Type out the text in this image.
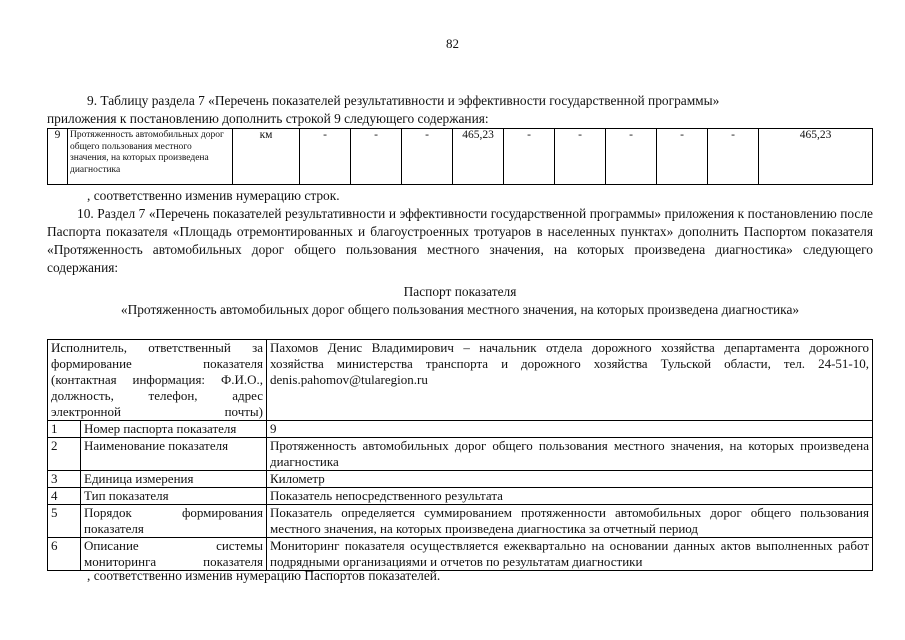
82
9. Таблицу раздела 7 «Перечень показателей результативности и эффективности государственной программы»
приложения к постановлению дополнить строкой 9 следующего содержания:
9	Протяженность автомобильных дорог общего пользования местного значения, на которых произведена диагностика	км	-	-	-	465,23	-	-	-	-	-	465,23
, соответственно изменив нумерацию строк.
10. Раздел 7 «Перечень показателей результативности и эффективности государственной программы» приложения к постановлению после Паспорта показателя «Площадь отремонтированных и благоустроенных тротуаров в населенных пунктах» дополнить Паспортом показателя «Протяженность автомобильных дорог общего пользования местного значения, на которых произведена диагностика» следующего содержания:
Паспорт показателя
«Протяженность автомобильных дорог общего пользования местного значения, на которых произведена диагностика»
Исполнитель, ответственный за формирование показателя (контактная информация: Ф.И.О., должность, телефон, адрес электронной почты)		Пахомов Денис Владимирович – начальник отдела дорожного хозяйства департамента дорожного хозяйства министерства транспорта и дорожного хозяйства Тульской области, тел. 24-51-10, denis.pahomov@tularegion.ru
1	Номер паспорта показателя	9
2	Наименование показателя	Протяженность автомобильных дорог общего пользования местного значения, на которых произведена диагностика
3	Единица измерения	Километр
4	Тип показателя	Показатель непосредственного результата
5	Порядок формирования показателя	Показатель определяется суммированием протяженности автомобильных дорог общего пользования местного значения, на которых произведена диагностика за отчетный период
6	Описание системы мониторинга показателя	Мониторинг показателя осуществляется ежеквартально на основании данных актов выполненных работ подрядными организациями и отчетов по результатам диагностики
, соответственно изменив нумерацию Паспортов показателей.
